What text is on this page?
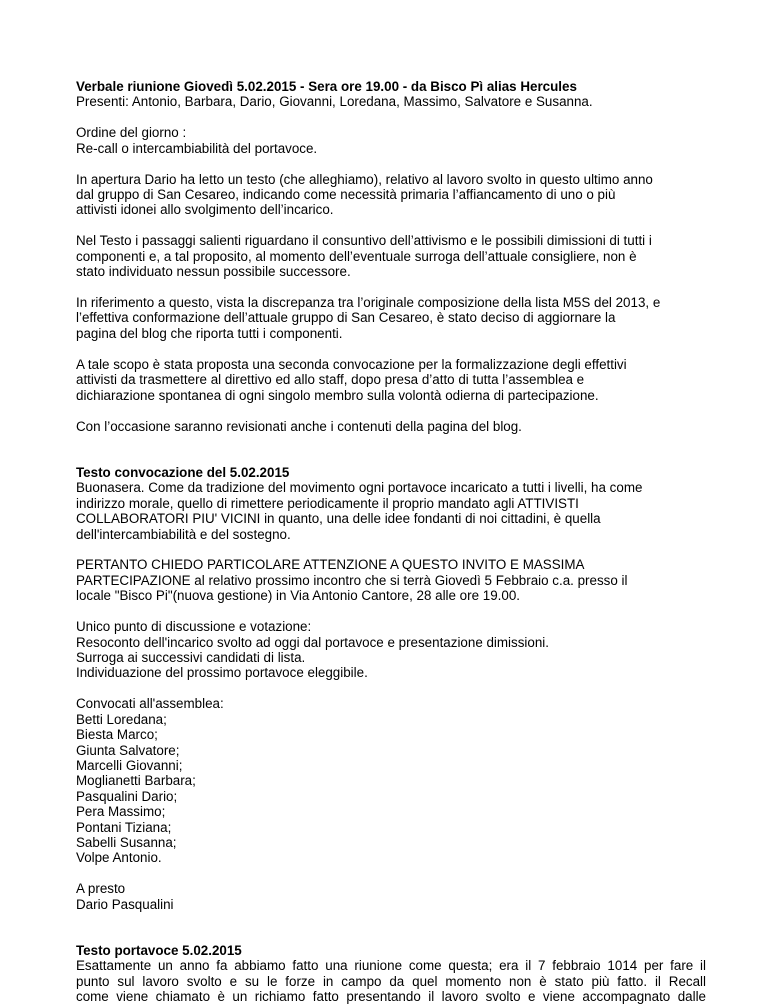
Verbale riunione Giovedì 5.02.2015 - Sera ore 19.00 - da Bisco Pì alias Hercules
Presenti: Antonio, Barbara, Dario, Giovanni, Loredana, Massimo, Salvatore e Susanna.
Ordine del giorno :
Re-call o intercambiabilità del portavoce.
In apertura Dario ha letto un testo (che alleghiamo), relativo al lavoro svolto in questo ultimo anno
dal gruppo di San Cesareo, indicando come necessità primaria l’affiancamento di uno o più
attivisti idonei allo svolgimento dell’incarico.
Nel Testo i passaggi salienti riguardano il consuntivo dell’attivismo e le possibili dimissioni di tutti i
componenti e, a tal proposito, al momento dell’eventuale surroga dell’attuale consigliere, non è
stato individuato nessun possibile successore.
In riferimento a questo, vista la discrepanza tra l’originale composizione della lista M5S del 2013, e
l’effettiva conformazione dell’attuale gruppo di San Cesareo, è stato deciso di aggiornare la
pagina del blog che riporta tutti i componenti.
A tale scopo è stata proposta una seconda convocazione per la formalizzazione degli effettivi
attivisti da trasmettere al direttivo ed allo staff, dopo presa d’atto di tutta l’assemblea e
dichiarazione spontanea di ogni singolo membro sulla volontà odierna di partecipazione.
Con l’occasione saranno revisionati anche i contenuti della pagina del blog.
Testo convocazione del 5.02.2015
Buonasera. Come da tradizione del movimento ogni portavoce incaricato a tutti i livelli, ha come
indirizzo morale, quello di rimettere periodicamente il proprio mandato agli ATTIVISTI
COLLABORATORI PIU' VICINI in quanto, una delle idee fondanti di noi cittadini, è quella
dell'intercambiabilità e del sostegno.
PERTANTO CHIEDO PARTICOLARE ATTENZIONE A QUESTO INVITO E MASSIMA
PARTECIPAZIONE al relativo prossimo incontro che si terrà Giovedì 5 Febbraio c.a. presso il
locale "Bisco Pi"(nuova gestione) in Via Antonio Cantore, 28 alle ore 19.00.
Unico punto di discussione e votazione:
Resoconto dell'incarico svolto ad oggi dal portavoce e presentazione dimissioni.
Surroga ai successivi candidati di lista.
Individuazione del prossimo portavoce eleggibile.
Convocati all'assemblea:
Betti Loredana;
Biesta Marco;
Giunta Salvatore;
Marcelli Giovanni;
Moglianetti Barbara;
Pasqualini Dario;
Pera Massimo;
Pontani Tiziana;
Sabelli Susanna;
Volpe Antonio.
A presto
Dario Pasqualini
Testo portavoce 5.02.2015
Esattamente un anno fa abbiamo fatto una riunione come questa; era il 7 febbraio 1014 per fare il
punto sul lavoro svolto e su le forze in campo da quel momento non è stato più fatto. il Recall
come viene chiamato è un richiamo fatto presentando il lavoro svolto e viene accompagnato dalle
